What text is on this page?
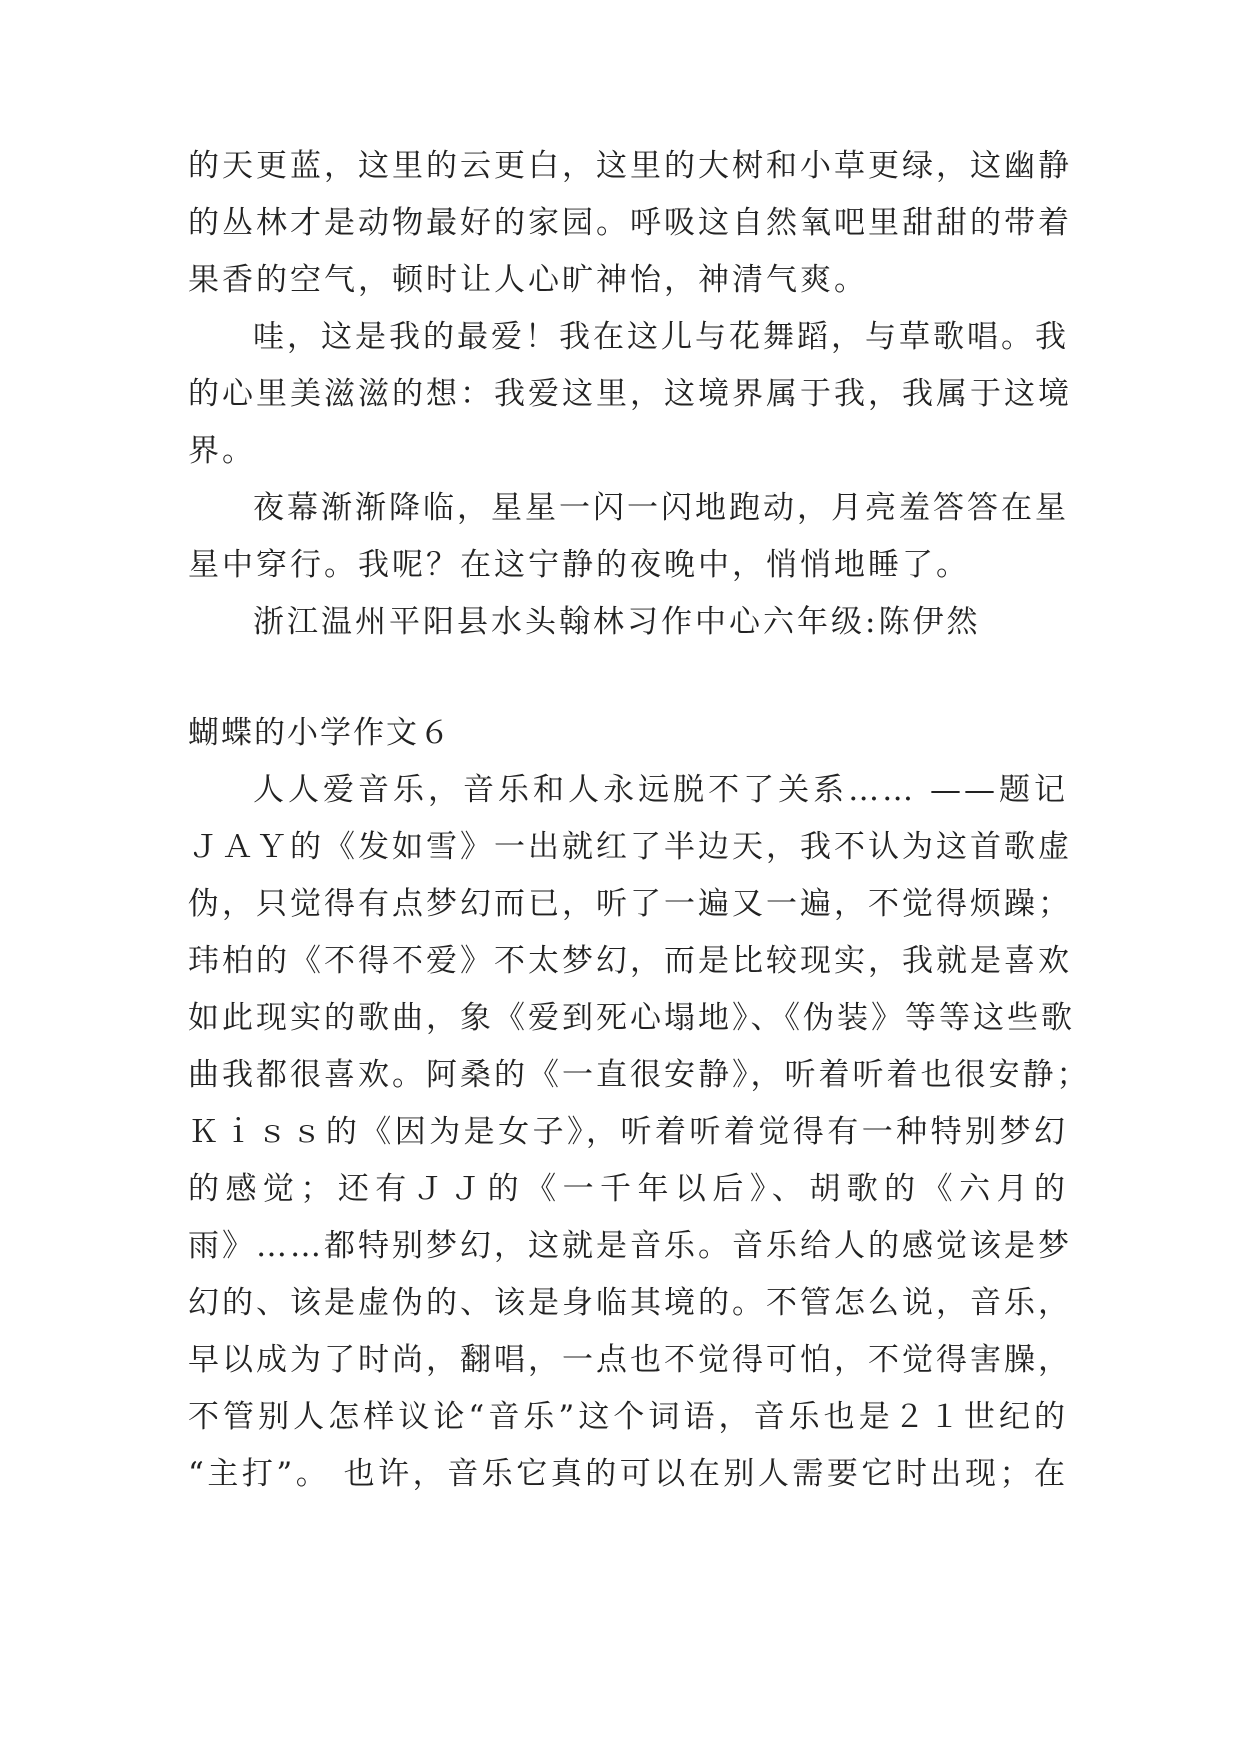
的天更蓝，这里的云更白，这里的大树和小草更绿，这幽静
的丛林才是动物最好的家园。呼吸这自然氧吧里甜甜的带着
果香的空气，顿时让人心旷神怡，神清气爽。
哇，这是我的最爱！我在这儿与花舞蹈，与草歌唱。我
的心里美滋滋的想：我爱这里，这境界属于我，我属于这境
界。
夜幕渐渐降临，星星一闪一闪地跑动，月亮羞答答在星
星中穿行。我呢？在这宁静的夜晚中，悄悄地睡了。
浙江温州平阳县水头翰林习作中心六年级:陈伊然
蝴蝶的小学作文６
人人爱音乐，音乐和人永远脱不了关系…… ——题记
ＪＡＹ的《发如雪》一出就红了半边天，我不认为这首歌虚
伪，只觉得有点梦幻而已，听了一遍又一遍，不觉得烦躁；
玮柏的《不得不爱》不太梦幻，而是比较现实，我就是喜欢
如此现实的歌曲，象《爱到死心塌地》、《伪装》等等这些歌
曲我都很喜欢。阿桑的《一直很安静》，听着听着也很安静；
Ｋｉｓｓ的《因为是女子》，听着听着觉得有一种特别梦幻
的感觉；还有ＪＪ的《一千年以后》、胡歌的《六月的
雨》……都特别梦幻，这就是音乐。音乐给人的感觉该是梦
幻的、该是虚伪的、该是身临其境的。不管怎么说，音乐，
早以成为了时尚，翻唱，一点也不觉得可怕，不觉得害臊，
不管别人怎样议论“音乐”这个词语，音乐也是２１世纪的
“主打”。 也许，音乐它真的可以在别人需要它时出现；在
